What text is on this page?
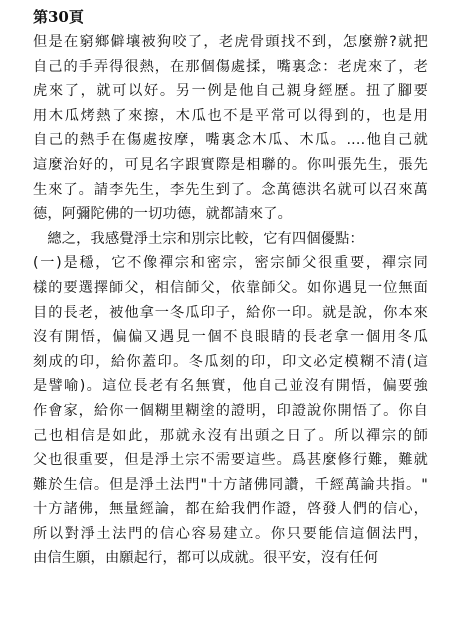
第30頁
但是在窮鄉僻壤被狗咬了，老虎骨頭找不到，怎麼辦?就把
自己的手弄得很熱，在那個傷處揉，嘴裏念：老虎來了，老
虎來了，就可以好。另一例是他自己親身經歷。扭了腳要
用木瓜烤熱了來擦，木瓜也不是平常可以得到的，也是用
自己的熱手在傷處按摩，嘴裏念木瓜、木瓜。....他自己就
這麼治好的，可見名字跟實際是相聯的。你叫張先生，張先
生來了。請李先生，李先生到了。念萬德洪名就可以召來萬
德，阿彌陀佛的一切功德，就都請來了。
　總之，我感覺淨土宗和別宗比較，它有四個優點：
(一)是穩，它不像禪宗和密宗，密宗師父很重要，禪宗同
樣的要選擇師父，相信師父，依靠師父。如你遇見一位無面
目的長老，被他拿一冬瓜印子，給你一印。就是說，你本來
沒有開悟，偏偏又遇見一個不良眼睛的長老拿一個用冬瓜
刻成的印，給你蓋印。冬瓜刻的印，印文必定模糊不清(這
是譬喻)。這位長老有名無實，他自己並沒有開悟，偏要強
作會家，給你一個糊里糊塗的證明，印證說你開悟了。你自
己也相信是如此，那就永沒有出頭之日了。所以禪宗的師
父也很重要，但是淨土宗不需要這些。爲甚麼修行難，難就
難於生信。但是淨土法門"十方諸佛同讚，千經萬論共指。"
十方諸佛，無量經論，都在給我們作證，啓發人們的信心，
所以對淨土法門的信心容易建立。你只要能信這個法門，
由信生願，由願起行，都可以成就。很平安，沒有任何
